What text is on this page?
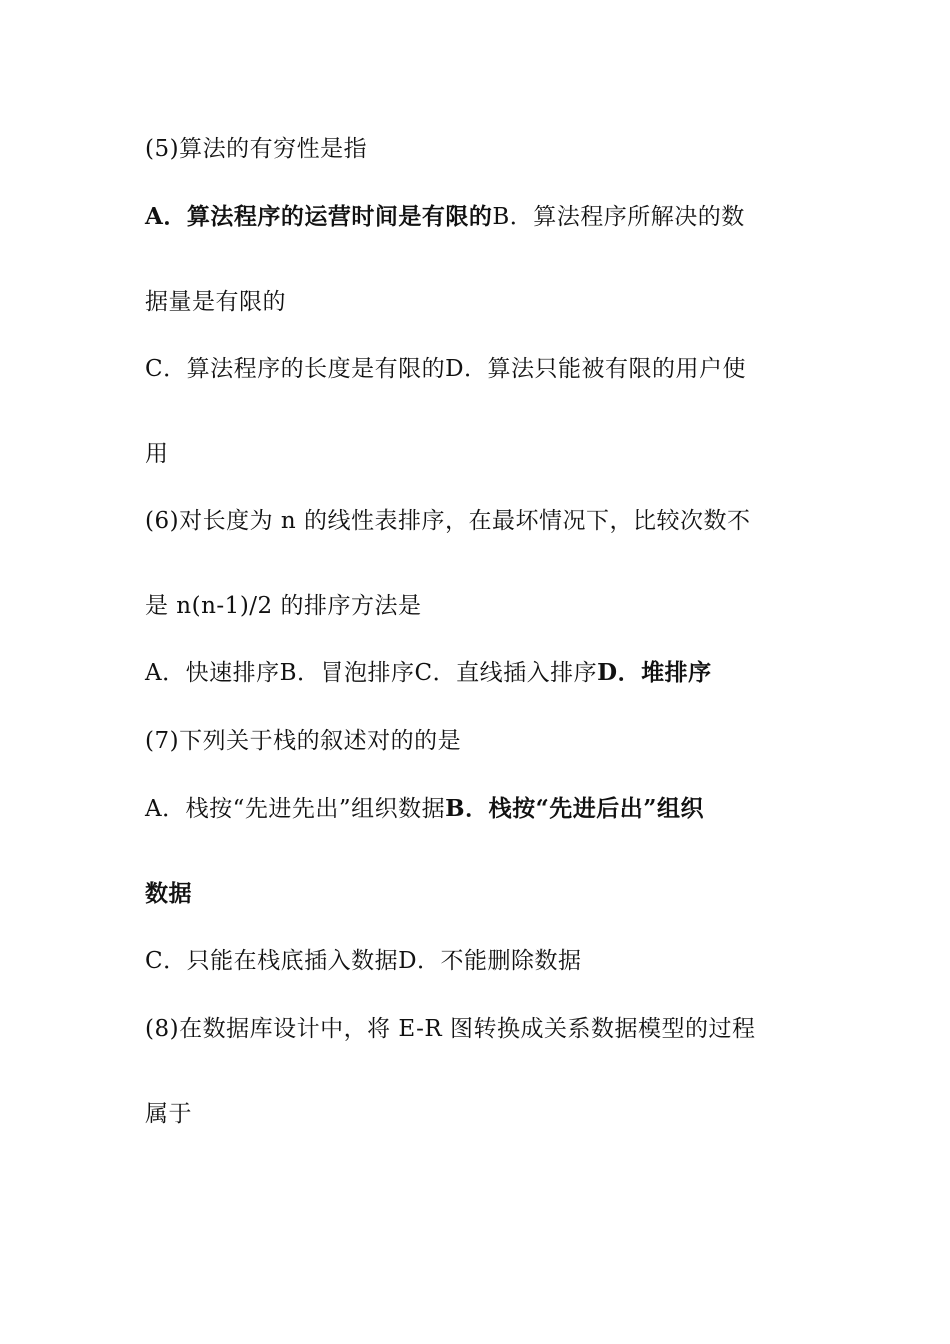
(5)算法的有穷性是指
A．算法程序的运营时间是有限的B．算法程序所解决的数
据量是有限的
C．算法程序的长度是有限的D．算法只能被有限的用户使
用
(6)对长度为 n 的线性表排序，在最坏情况下，比较次数不
是 n(n-1)/2 的排序方法是
A．快速排序B．冒泡排序C．直线插入排序D．堆排序
(7)下列关于栈的叙述对的的是
A．栈按“先进先出”组织数据B．栈按“先进后出”组织
数据
C．只能在栈底插入数据D．不能删除数据
(8)在数据库设计中，将 E-R 图转换成关系数据模型的过程
属于
